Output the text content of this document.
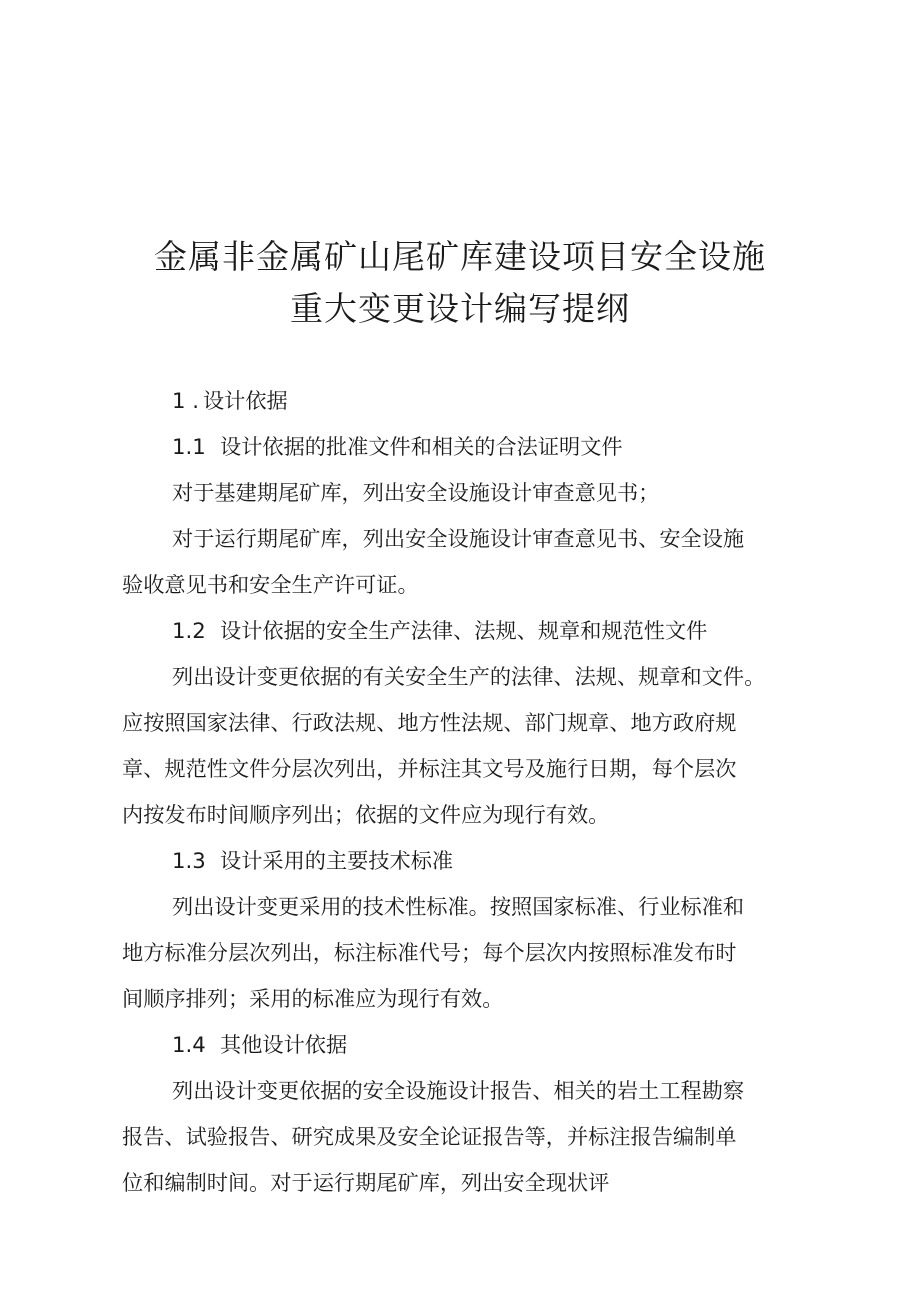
金属非金属矿山尾矿库建设项目安全设施
重大变更设计编写提纲

1 . 设计依据

1.1 设计依据的批准文件和相关的合法证明文件

对于基建期尾矿库，列出安全设施设计审查意见书；

对于运行期尾矿库，列出安全设施设计审查意见书、安全设施
验收意见书和安全生产许可证。

1.2 设计依据的安全生产法律、法规、规章和规范性文件

列出设计变更依据的有关安全生产的法律、法规、规章和文件。
应按照国家法律、行政法规、地方性法规、部门规章、地方政府规
章、规范性文件分层次列出，并标注其文号及施行日期，每个层次
内按发布时间顺序列出；依据的文件应为现行有效。

1.3 设计采用的主要技术标准

列出设计变更采用的技术性标准。按照国家标准、行业标准和
地方标准分层次列出，标注标准代号；每个层次内按照标准发布时
间顺序排列；采用的标准应为现行有效。

1.4 其他设计依据

列出设计变更依据的安全设施设计报告、相关的岩土工程勘察
报告、试验报告、研究成果及安全论证报告等，并标注报告编制单
位和编制时间。对于运行期尾矿库，列出安全现状评
